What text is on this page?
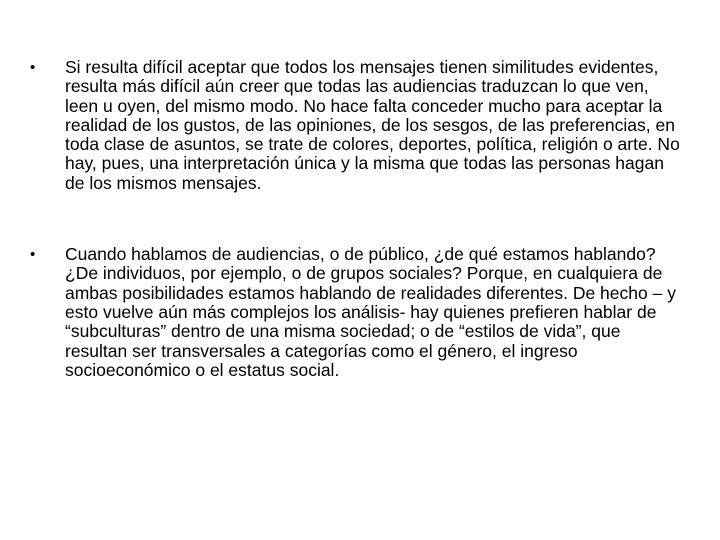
•	Si resulta difícil aceptar que todos los mensajes tienen similitudes evidentes, resulta más difícil aún creer que todas las audiencias traduzcan lo que ven, leen u oyen, del mismo modo. No hace falta conceder mucho para aceptar la realidad de los gustos, de las opiniones, de los sesgos, de las preferencias, en toda clase de asuntos, se trate de colores, deportes, política, religión o arte. No hay, pues, una interpretación única y la misma que todas las personas hagan de los mismos mensajes.
•	Cuando hablamos de audiencias, o de público, ¿de qué estamos hablando? ¿De individuos, por ejemplo, o de grupos sociales? Porque, en cualquiera de ambas posibilidades estamos hablando de realidades diferentes. De hecho – y esto vuelve aún más complejos los análisis- hay quienes prefieren hablar de “subculturas” dentro de una misma sociedad; o de “estilos de vida”, que resultan ser transversales a categorías como el género, el ingreso socioeconómico o el estatus social.
